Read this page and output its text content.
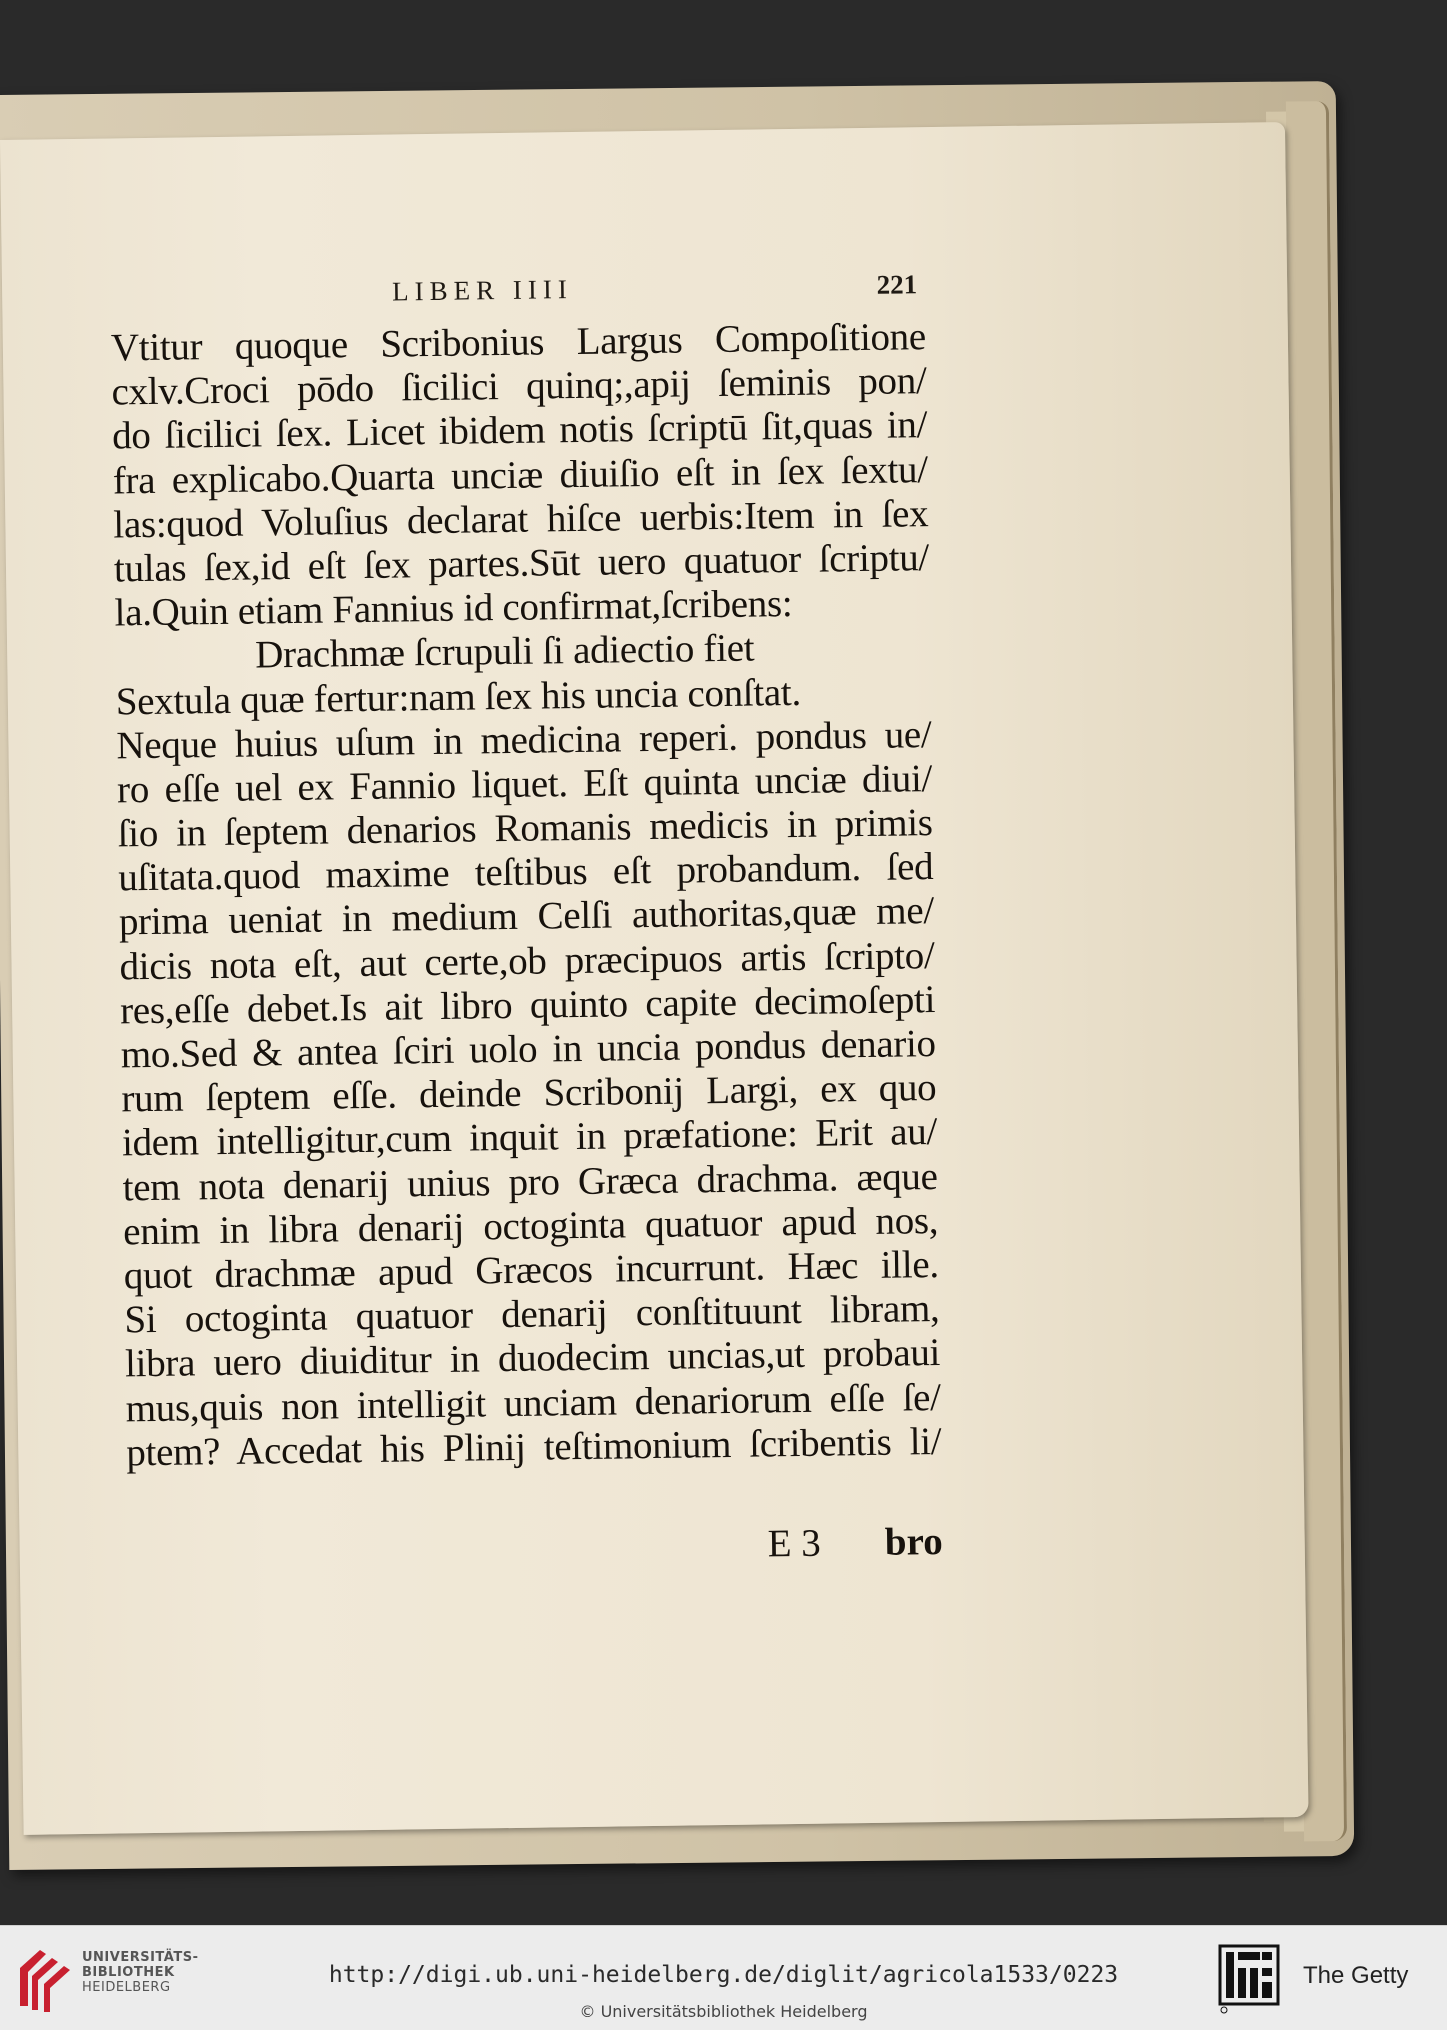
LIBER IIII	221
Vtitur quoque Scribonius Largus Compoſitione
cxlv.Croci pōdo ſicilici quinq;,apij ſeminis pon/
do ſicilici ſex. Licet ibidem notis ſcriptū ſit,quas in/
fra explicabo.Quarta unciæ diuiſio eſt in ſex ſextu/
las:quod Voluſius declarat hiſce uerbis:Item in ſex
tulas ſex,id eſt ſex partes.Sūt uero quatuor ſcriptu/
la.Quin etiam Fannius id confirmat,ſcribens:
Drachmæ ſcrupuli ſi adiectio fiet
Sextula quæ fertur:nam ſex his uncia conſtat.
Neque huius uſum in medicina reperi. pondus ue/
ro eſſe uel ex Fannio liquet. Eſt quinta unciæ diui/
ſio in ſeptem denarios Romanis medicis in primis
uſitata.quod maxime teſtibus eſt probandum. ſed
prima ueniat in medium Celſi authoritas,quæ me/
dicis nota eſt, aut certe,ob præcipuos artis ſcripto/
res,eſſe debet.Is ait libro quinto capite decimoſepti
mo.Sed & antea ſciri uolo in uncia pondus denario
rum ſeptem eſſe. deinde Scribonij Largi, ex quo
idem intelligitur,cum inquit in præfatione: Erit au/
tem nota denarij unius pro Græca drachma. æque
enim in libra denarij octoginta quatuor apud nos,
quot drachmæ apud Græcos incurrunt. Hæc ille.
Si octoginta quatuor denarij conſtituunt libram,
libra uero diuiditur in duodecim uncias,ut probaui
mus,quis non intelligit unciam denariorum eſſe ſe/
ptem? Accedat his Plinij teſtimonium ſcribentis li/
E 3 bro
UNIVERSITÄTS-
BIBLIOTHEK
HEIDELBERG	http://digi.ub.uni-heidelberg.de/diglit/agricola1533/0223
© Universitätsbibliothek Heidelberg
The Getty
